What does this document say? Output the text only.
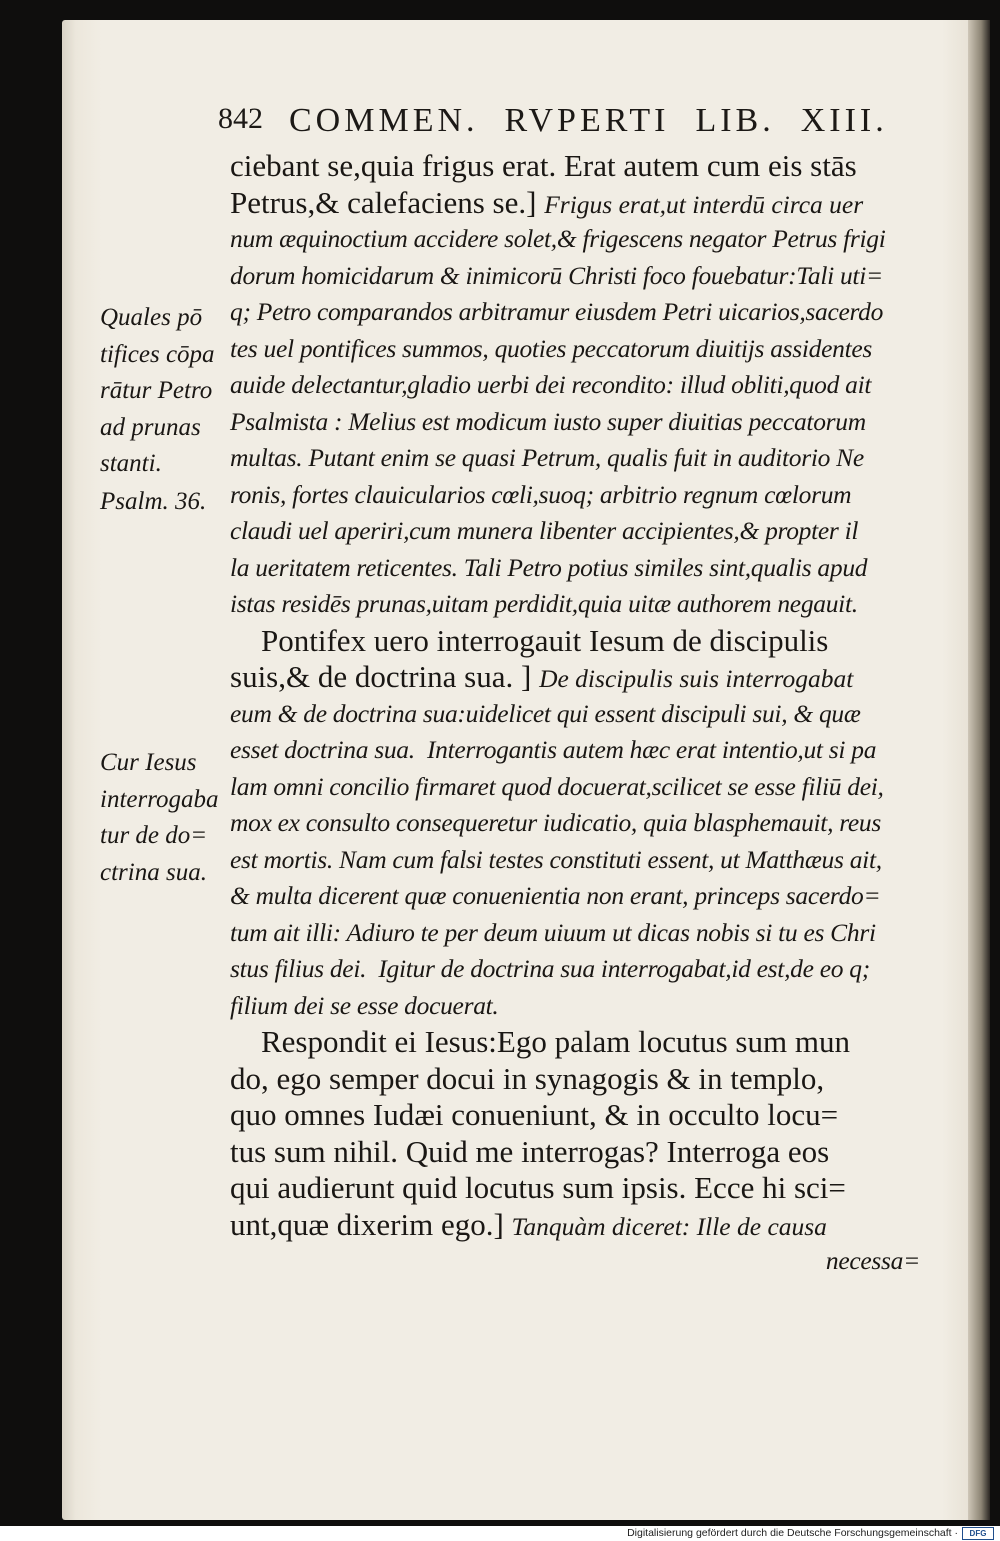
842 COMMEN. RVPERTI LIB. XIII.
Quales pō
tifices cōpa
rātur Petro
ad prunas
stanti.
Psalm. 36.
Cur Iesus
interrogaba
tur de do=
ctrina sua.
ciebant se,quia frigus erat. Erat autem cum eis stās
Petrus,& calefaciens se.] Frigus erat,ut interdū circa uer
num æquinoctium accidere solet,& frigescens negator Petrus frigi
dorum homicidarum & inimicorū Christi foco fouebatur:Tali uti=
q; Petro comparandos arbitramur eiusdem Petri uicarios,sacerdo
tes uel pontifices summos, quoties peccatorum diuitijs assidentes
auide delectantur,gladio uerbi dei recondito: illud obliti,quod ait
Psalmista : Melius est modicum iusto super diuitias peccatorum
multas. Putant enim se quasi Petrum, qualis fuit in auditorio Ne
ronis, fortes clauicularios cœli,suoq; arbitrio regnum cœlorum
claudi uel aperiri,cum munera libenter accipientes,& propter il
la ueritatem reticentes. Tali Petro potius similes sint,qualis apud
istas residēs prunas,uitam perdidit,quia uitæ authorem negauit.
Pontifex uero interrogauit Iesum de discipulis
suis,& de doctrina sua. ] De discipulis suis interrogabat
eum & de doctrina sua:uidelicet qui essent discipuli sui, & quæ
esset doctrina sua.  Interrogantis autem hæc erat intentio,ut si pa
lam omni concilio firmaret quod docuerat,scilicet se esse filiū dei,
mox ex consulto consequeretur iudicatio, quia blasphemauit, reus
est mortis. Nam cum falsi testes constituti essent, ut Matthæus ait,
& multa dicerent quæ conuenientia non erant, princeps sacerdo=
tum ait illi: Adiuro te per deum uiuum ut dicas nobis si tu es Chri
stus filius dei.  Igitur de doctrina sua interrogabat,id est,de eo q;
filium dei se esse docuerat.
Respondit ei Iesus:Ego palam locutus sum mun
do, ego semper docui in synagogis & in templo,
quo omnes Iudæi conueniunt, & in occulto locu=
tus sum nihil. Quid me interrogas? Interroga eos
qui audierunt quid locutus sum ipsis. Ecce hi sci=
unt,quæ dixerim ego.] Tanquàm diceret: Ille de causa
necessa=
Digitalisierung gefördert durch die Deutsche Forschungsgemeinschaft ·	DFG
